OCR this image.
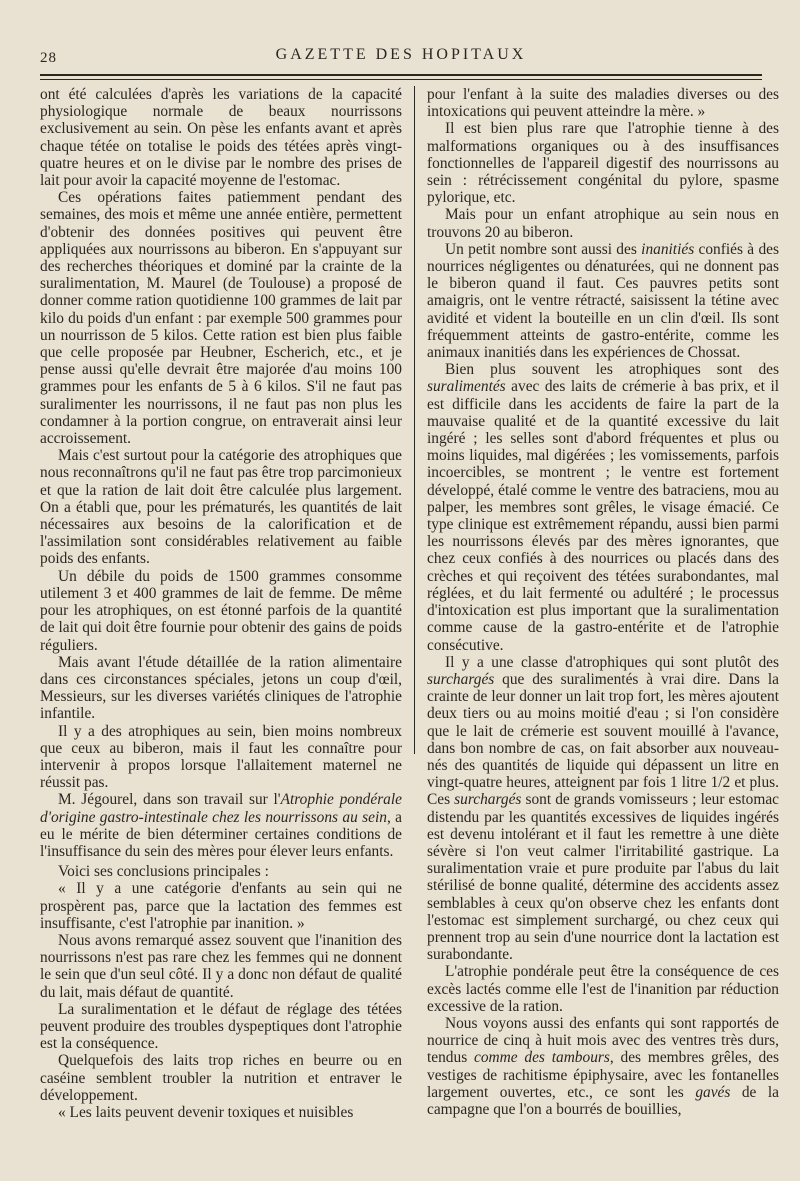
28	GAZETTE DES HOPITAUX

ont été calculées d'après les variations de la capacité physiologique normale de beaux nourrissons exclusivement au sein. On pèse les enfants avant et après chaque tétée on totalise le poids des tétées après vingt-quatre heures et on le divise par le nombre des prises de lait pour avoir la capacité moyenne de l'estomac.

Ces opérations faites patiemment pendant des semaines, des mois et même une année entière, permettent d'obtenir des données positives qui peuvent être appliquées aux nourrissons au biberon. En s'appuyant sur des recherches théoriques et dominé par la crainte de la suralimentation, M. Maurel (de Toulouse) a proposé de donner comme ration quotidienne 100 grammes de lait par kilo du poids d'un enfant : par exemple 500 grammes pour un nourrisson de 5 kilos. Cette ration est bien plus faible que celle proposée par Heubner, Escherich, etc., et je pense aussi qu'elle devrait être majorée d'au moins 100 grammes pour les enfants de 5 à 6 kilos. S'il ne faut pas suralimenter les nourrissons, il ne faut pas non plus les condamner à la portion congrue, on entraverait ainsi leur accroissement.

Mais c'est surtout pour la catégorie des atrophiques que nous reconnaîtrons qu'il ne faut pas être trop parcimonieux et que la ration de lait doit être calculée plus largement. On a établi que, pour les prématurés, les quantités de lait nécessaires aux besoins de la calorification et de l'assimilation sont considérables relativement au faible poids des enfants.

Un débile du poids de 1500 grammes consomme utilement 3 et 400 grammes de lait de femme. De même pour les atrophiques, on est étonné parfois de la quantité de lait qui doit être fournie pour obtenir des gains de poids réguliers.

Mais avant l'étude détaillée de la ration alimentaire dans ces circonstances spéciales, jetons un coup d'œil, Messieurs, sur les diverses variétés cliniques de l'atrophie infantile.

Il y a des atrophiques au sein, bien moins nombreux que ceux au biberon, mais il faut les connaître pour intervenir à propos lorsque l'allaitement maternel ne réussit pas.

M. Jégourel, dans son travail sur l'Atrophie pondérale d'origine gastro-intestinale chez les nourrissons au sein, a eu le mérite de bien déterminer certaines conditions de l'insuffisance du sein des mères pour élever leurs enfants.

Voici ses conclusions principales :

« Il y a une catégorie d'enfants au sein qui ne prospèrent pas, parce que la lactation des femmes est insuffisante, c'est l'atrophie par inanition. »

Nous avons remarqué assez souvent que l'inanition des nourrissons n'est pas rare chez les femmes qui ne donnent le sein que d'un seul côté. Il y a donc non défaut de qualité du lait, mais défaut de quantité.

La suralimentation et le défaut de réglage des tétées peuvent produire des troubles dyspeptiques dont l'atrophie est la conséquence.

Quelquefois des laits trop riches en beurre ou en caséine semblent troubler la nutrition et entraver le développement.

« Les laits peuvent devenir toxiques et nuisibles

pour l'enfant à la suite des maladies diverses ou des intoxications qui peuvent atteindre la mère. »

Il est bien plus rare que l'atrophie tienne à des malformations organiques ou à des insuffisances fonctionnelles de l'appareil digestif des nourrissons au sein : rétrécissement congénital du pylore, spasme pylorique, etc.

Mais pour un enfant atrophique au sein nous en trouvons 20 au biberon.

Un petit nombre sont aussi des inanitiés confiés à des nourrices négligentes ou dénaturées, qui ne donnent pas le biberon quand il faut. Ces pauvres petits sont amaigris, ont le ventre rétracté, saisissent la tétine avec avidité et vident la bouteille en un clin d'œil. Ils sont fréquemment atteints de gastro-entérite, comme les animaux inanitiés dans les expériences de Chossat.

Bien plus souvent les atrophiques sont des suralimentés avec des laits de crémerie à bas prix, et il est difficile dans les accidents de faire la part de la mauvaise qualité et de la quantité excessive du lait ingéré ; les selles sont d'abord fréquentes et plus ou moins liquides, mal digérées ; les vomissements, parfois incoercibles, se montrent ; le ventre est fortement développé, étalé comme le ventre des batraciens, mou au palper, les membres sont grêles, le visage émacié. Ce type clinique est extrêmement répandu, aussi bien parmi les nourrissons élevés par des mères ignorantes, que chez ceux confiés à des nourrices ou placés dans des crèches et qui reçoivent des tétées surabondantes, mal réglées, et du lait fermenté ou adultéré ; le processus d'intoxication est plus important que la suralimentation comme cause de la gastro-entérite et de l'atrophie consécutive.

Il y a une classe d'atrophiques qui sont plutôt des surchargés que des suralimentés à vrai dire. Dans la crainte de leur donner un lait trop fort, les mères ajoutent deux tiers ou au moins moitié d'eau ; si l'on considère que le lait de crémerie est souvent mouillé à l'avance, dans bon nombre de cas, on fait absorber aux nouveau-nés des quantités de liquide qui dépassent un litre en vingt-quatre heures, atteignent par fois 1 litre 1/2 et plus. Ces surchargés sont de grands vomisseurs ; leur estomac distendu par les quantités excessives de liquides ingérés est devenu intolérant et il faut les remettre à une diète sévère si l'on veut calmer l'irritabilité gastrique. La suralimentation vraie et pure produite par l'abus du lait stérilisé de bonne qualité, détermine des accidents assez semblables à ceux qu'on observe chez les enfants dont l'estomac est simplement surchargé, ou chez ceux qui prennent trop au sein d'une nourrice dont la lactation est surabondante.

L'atrophie pondérale peut être la conséquence de ces excès lactés comme elle l'est de l'inanition par réduction excessive de la ration.

Nous voyons aussi des enfants qui sont rapportés de nourrice de cinq à huit mois avec des ventres très durs, tendus comme des tambours, des membres grêles, des vestiges de rachitisme épiphysaire, avec les fontanelles largement ouvertes, etc., ce sont les gavés de la campagne que l'on a bourrés de bouillies,
